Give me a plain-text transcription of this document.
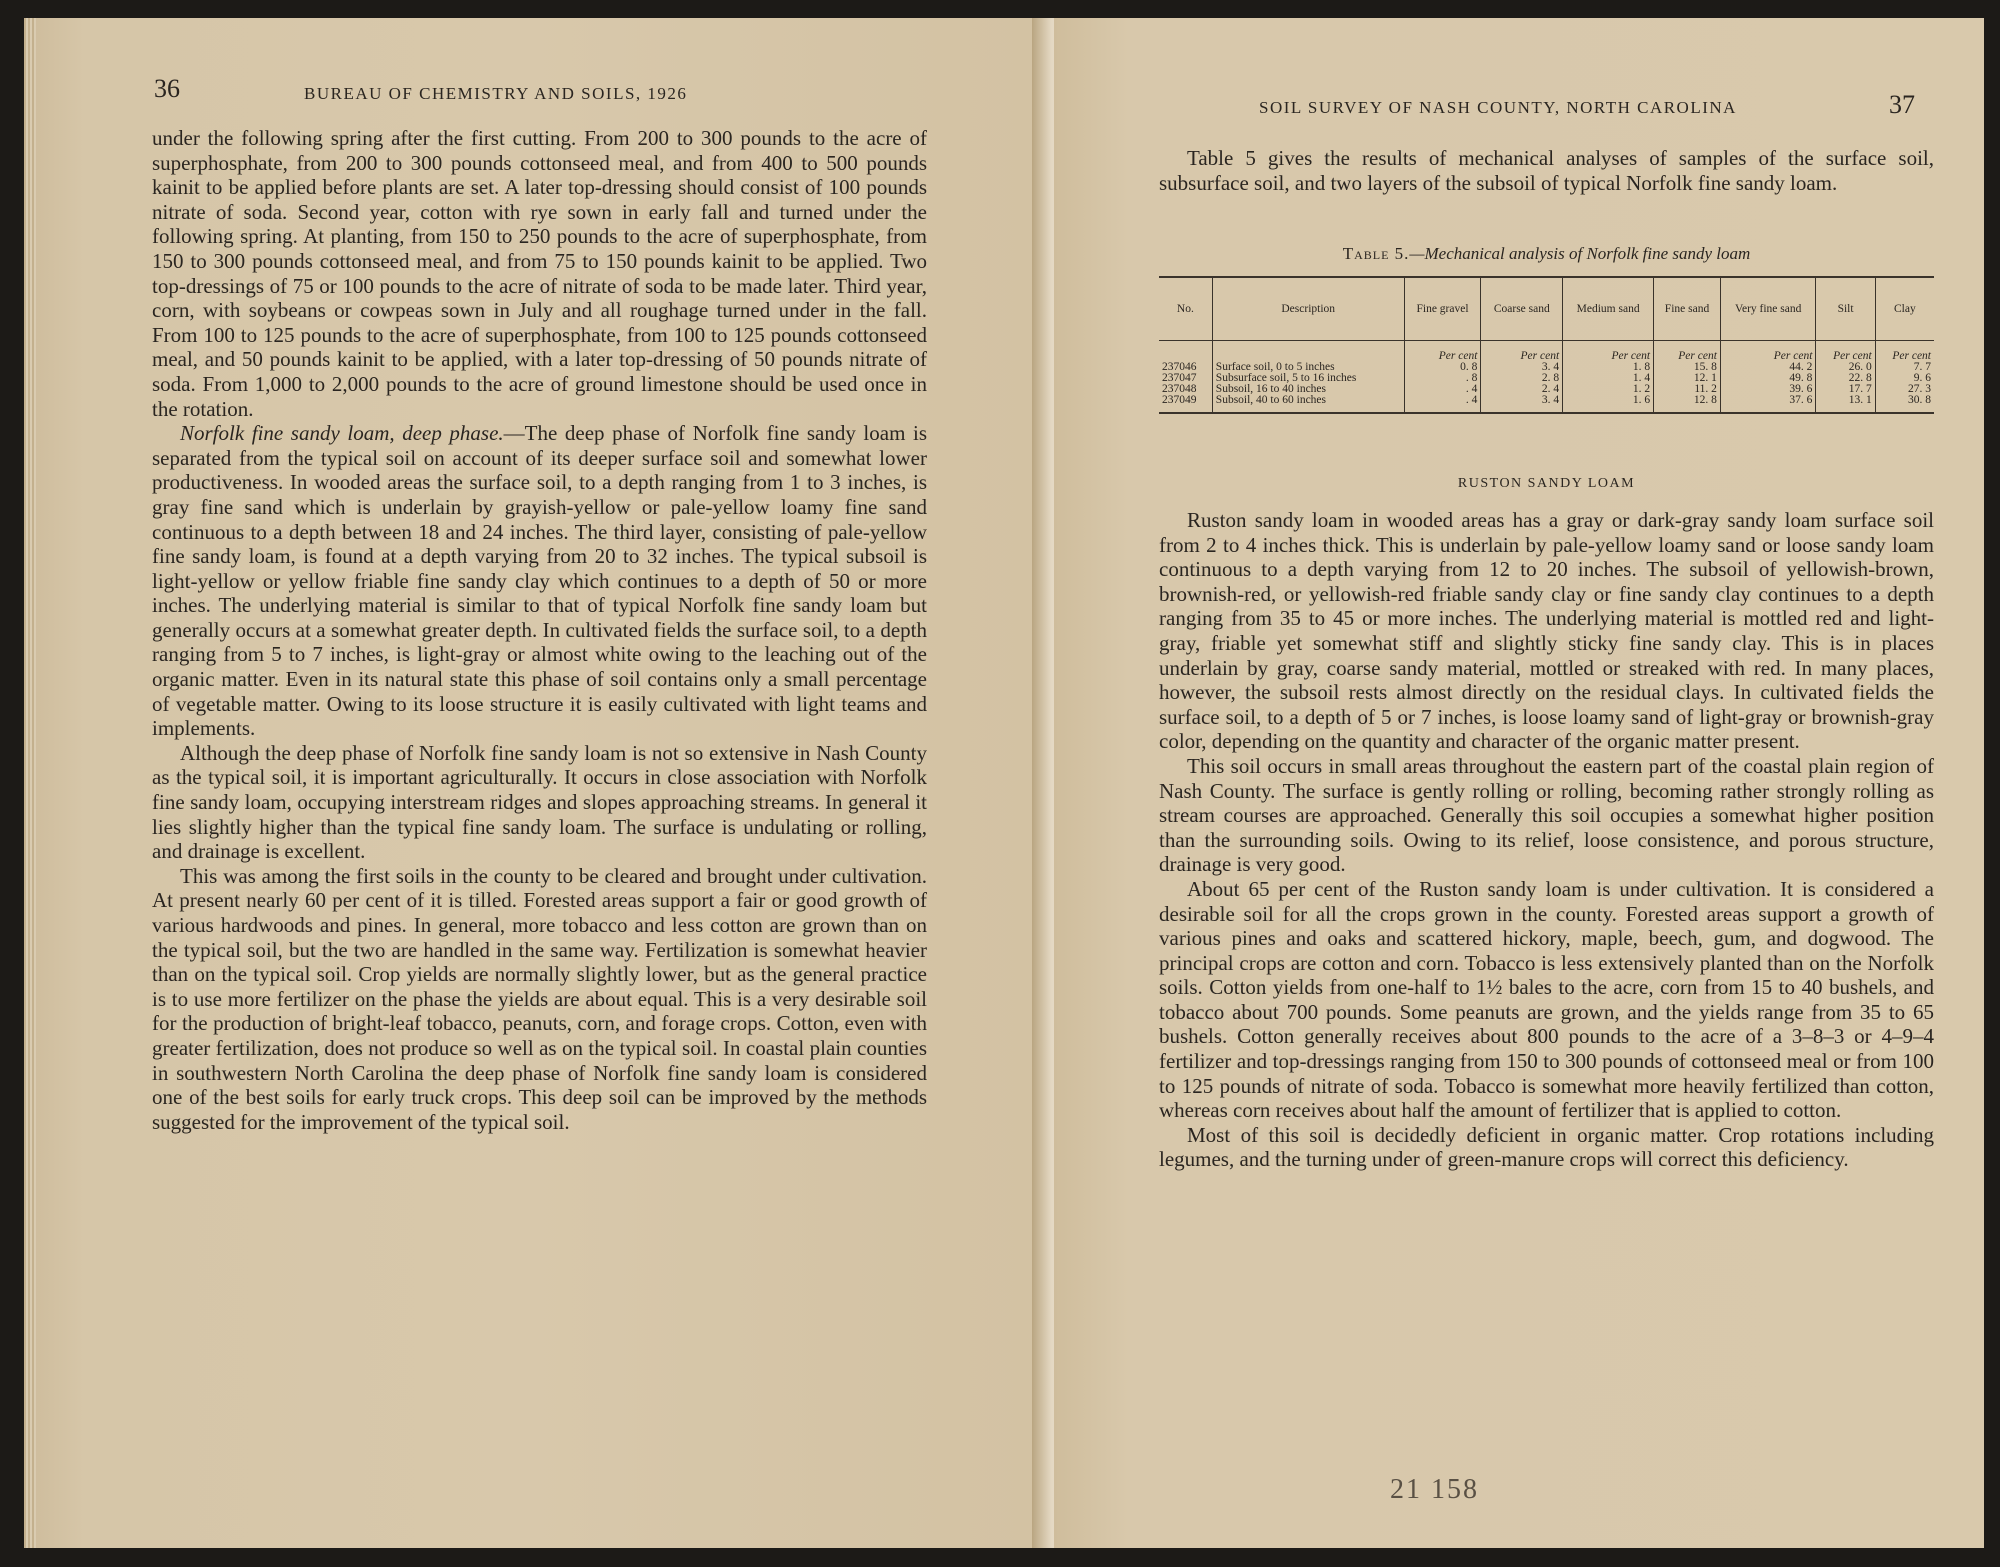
36	BUREAU OF CHEMISTRY AND SOILS, 1926

under the following spring after the first cutting. From 200 to 300 pounds to the acre of superphosphate, from 200 to 300 pounds cottonseed meal, and from 400 to 500 pounds kainit to be applied before plants are set. A later top-dressing should consist of 100 pounds nitrate of soda. Second year, cotton with rye sown in early fall and turned under the following spring. At planting, from 150 to 250 pounds to the acre of superphosphate, from 150 to 300 pounds cottonseed meal, and from 75 to 150 pounds kainit to be applied. Two top-dressings of 75 or 100 pounds to the acre of nitrate of soda to be made later. Third year, corn, with soybeans or cowpeas sown in July and all roughage turned under in the fall. From 100 to 125 pounds to the acre of superphosphate, from 100 to 125 pounds cottonseed meal, and 50 pounds kainit to be applied, with a later top-dressing of 50 pounds nitrate of soda. From 1,000 to 2,000 pounds to the acre of ground limestone should be used once in the rotation.

Norfolk fine sandy loam, deep phase.—The deep phase of Norfolk fine sandy loam is separated from the typical soil on account of its deeper surface soil and somewhat lower productiveness. In wooded areas the surface soil, to a depth ranging from 1 to 3 inches, is gray fine sand which is underlain by grayish-yellow or pale-yellow loamy fine sand continuous to a depth between 18 and 24 inches. The third layer, consisting of pale-yellow fine sandy loam, is found at a depth varying from 20 to 32 inches. The typical subsoil is light-yellow or yellow friable fine sandy clay which continues to a depth of 50 or more inches. The underlying material is similar to that of typical Norfolk fine sandy loam but generally occurs at a somewhat greater depth. In cultivated fields the surface soil, to a depth ranging from 5 to 7 inches, is light-gray or almost white owing to the leaching out of the organic matter. Even in its natural state this phase of soil contains only a small percentage of vegetable matter. Owing to its loose structure it is easily cultivated with light teams and implements.

Although the deep phase of Norfolk fine sandy loam is not so extensive in Nash County as the typical soil, it is important agriculturally. It occurs in close association with Norfolk fine sandy loam, occupying interstream ridges and slopes approaching streams. In general it lies slightly higher than the typical fine sandy loam. The surface is undulating or rolling, and drainage is excellent.

This was among the first soils in the county to be cleared and brought under cultivation. At present nearly 60 per cent of it is tilled. Forested areas support a fair or good growth of various hardwoods and pines. In general, more tobacco and less cotton are grown than on the typical soil, but the two are handled in the same way. Fertilization is somewhat heavier than on the typical soil. Crop yields are normally slightly lower, but as the general practice is to use more fertilizer on the phase the yields are about equal. This is a very desirable soil for the production of bright-leaf tobacco, peanuts, corn, and forage crops. Cotton, even with greater fertilization, does not produce so well as on the typical soil. In coastal plain counties in southwestern North Carolina the deep phase of Norfolk fine sandy loam is considered one of the best soils for early truck crops. This deep soil can be improved by the methods suggested for the improvement of the typical soil.

SOIL SURVEY OF NASH COUNTY, NORTH CAROLINA	37

Table 5 gives the results of mechanical analyses of samples of the surface soil, subsurface soil, and two layers of the subsoil of typical Norfolk fine sandy loam.

Table 5.—Mechanical analysis of Norfolk fine sandy loam
No.	Description	Fine gravel	Coarse sand	Medium sand	Fine sand	Very fine sand	Silt	Clay
		Per cent	Per cent	Per cent	Per cent	Per cent	Per cent	Per cent
237046	Surface soil, 0 to 5 inches	0. 8	3. 4	1. 8	15. 8	44. 2	26. 0	7. 7
237047	Subsurface soil, 5 to 16 inches	. 8	2. 8	1. 4	12. 1	49. 8	22. 8	9. 6
237048	Subsoil, 16 to 40 inches	. 4	2. 4	1. 2	11. 2	39. 6	17. 7	27. 3
237049	Subsoil, 40 to 60 inches	. 4	3. 4	1. 6	12. 8	37. 6	13. 1	30. 8
RUSTON SANDY LOAM

Ruston sandy loam in wooded areas has a gray or dark-gray sandy loam surface soil from 2 to 4 inches thick. This is underlain by pale-yellow loamy sand or loose sandy loam continuous to a depth varying from 12 to 20 inches. The subsoil of yellowish-brown, brownish-red, or yellowish-red friable sandy clay or fine sandy clay continues to a depth ranging from 35 to 45 or more inches. The underlying material is mottled red and light-gray, friable yet somewhat stiff and slightly sticky fine sandy clay. This is in places underlain by gray, coarse sandy material, mottled or streaked with red. In many places, however, the subsoil rests almost directly on the residual clays. In cultivated fields the surface soil, to a depth of 5 or 7 inches, is loose loamy sand of light-gray or brownish-gray color, depending on the quantity and character of the organic matter present.

This soil occurs in small areas throughout the eastern part of the coastal plain region of Nash County. The surface is gently rolling or rolling, becoming rather strongly rolling as stream courses are approached. Generally this soil occupies a somewhat higher position than the surrounding soils. Owing to its relief, loose consistence, and porous structure, drainage is very good.

About 65 per cent of the Ruston sandy loam is under cultivation. It is considered a desirable soil for all the crops grown in the county. Forested areas support a growth of various pines and oaks and scattered hickory, maple, beech, gum, and dogwood. The principal crops are cotton and corn. Tobacco is less extensively planted than on the Norfolk soils. Cotton yields from one-half to 1½ bales to the acre, corn from 15 to 40 bushels, and tobacco about 700 pounds. Some peanuts are grown, and the yields range from 35 to 65 bushels. Cotton generally receives about 800 pounds to the acre of a 3–8–3 or 4–9–4 fertilizer and top-dressings ranging from 150 to 300 pounds of cottonseed meal or from 100 to 125 pounds of nitrate of soda. Tobacco is somewhat more heavily fertilized than cotton, whereas corn receives about half the amount of fertilizer that is applied to cotton.

Most of this soil is decidedly deficient in organic matter. Crop rotations including legumes, and the turning under of green-manure crops will correct this deficiency.

21 158
